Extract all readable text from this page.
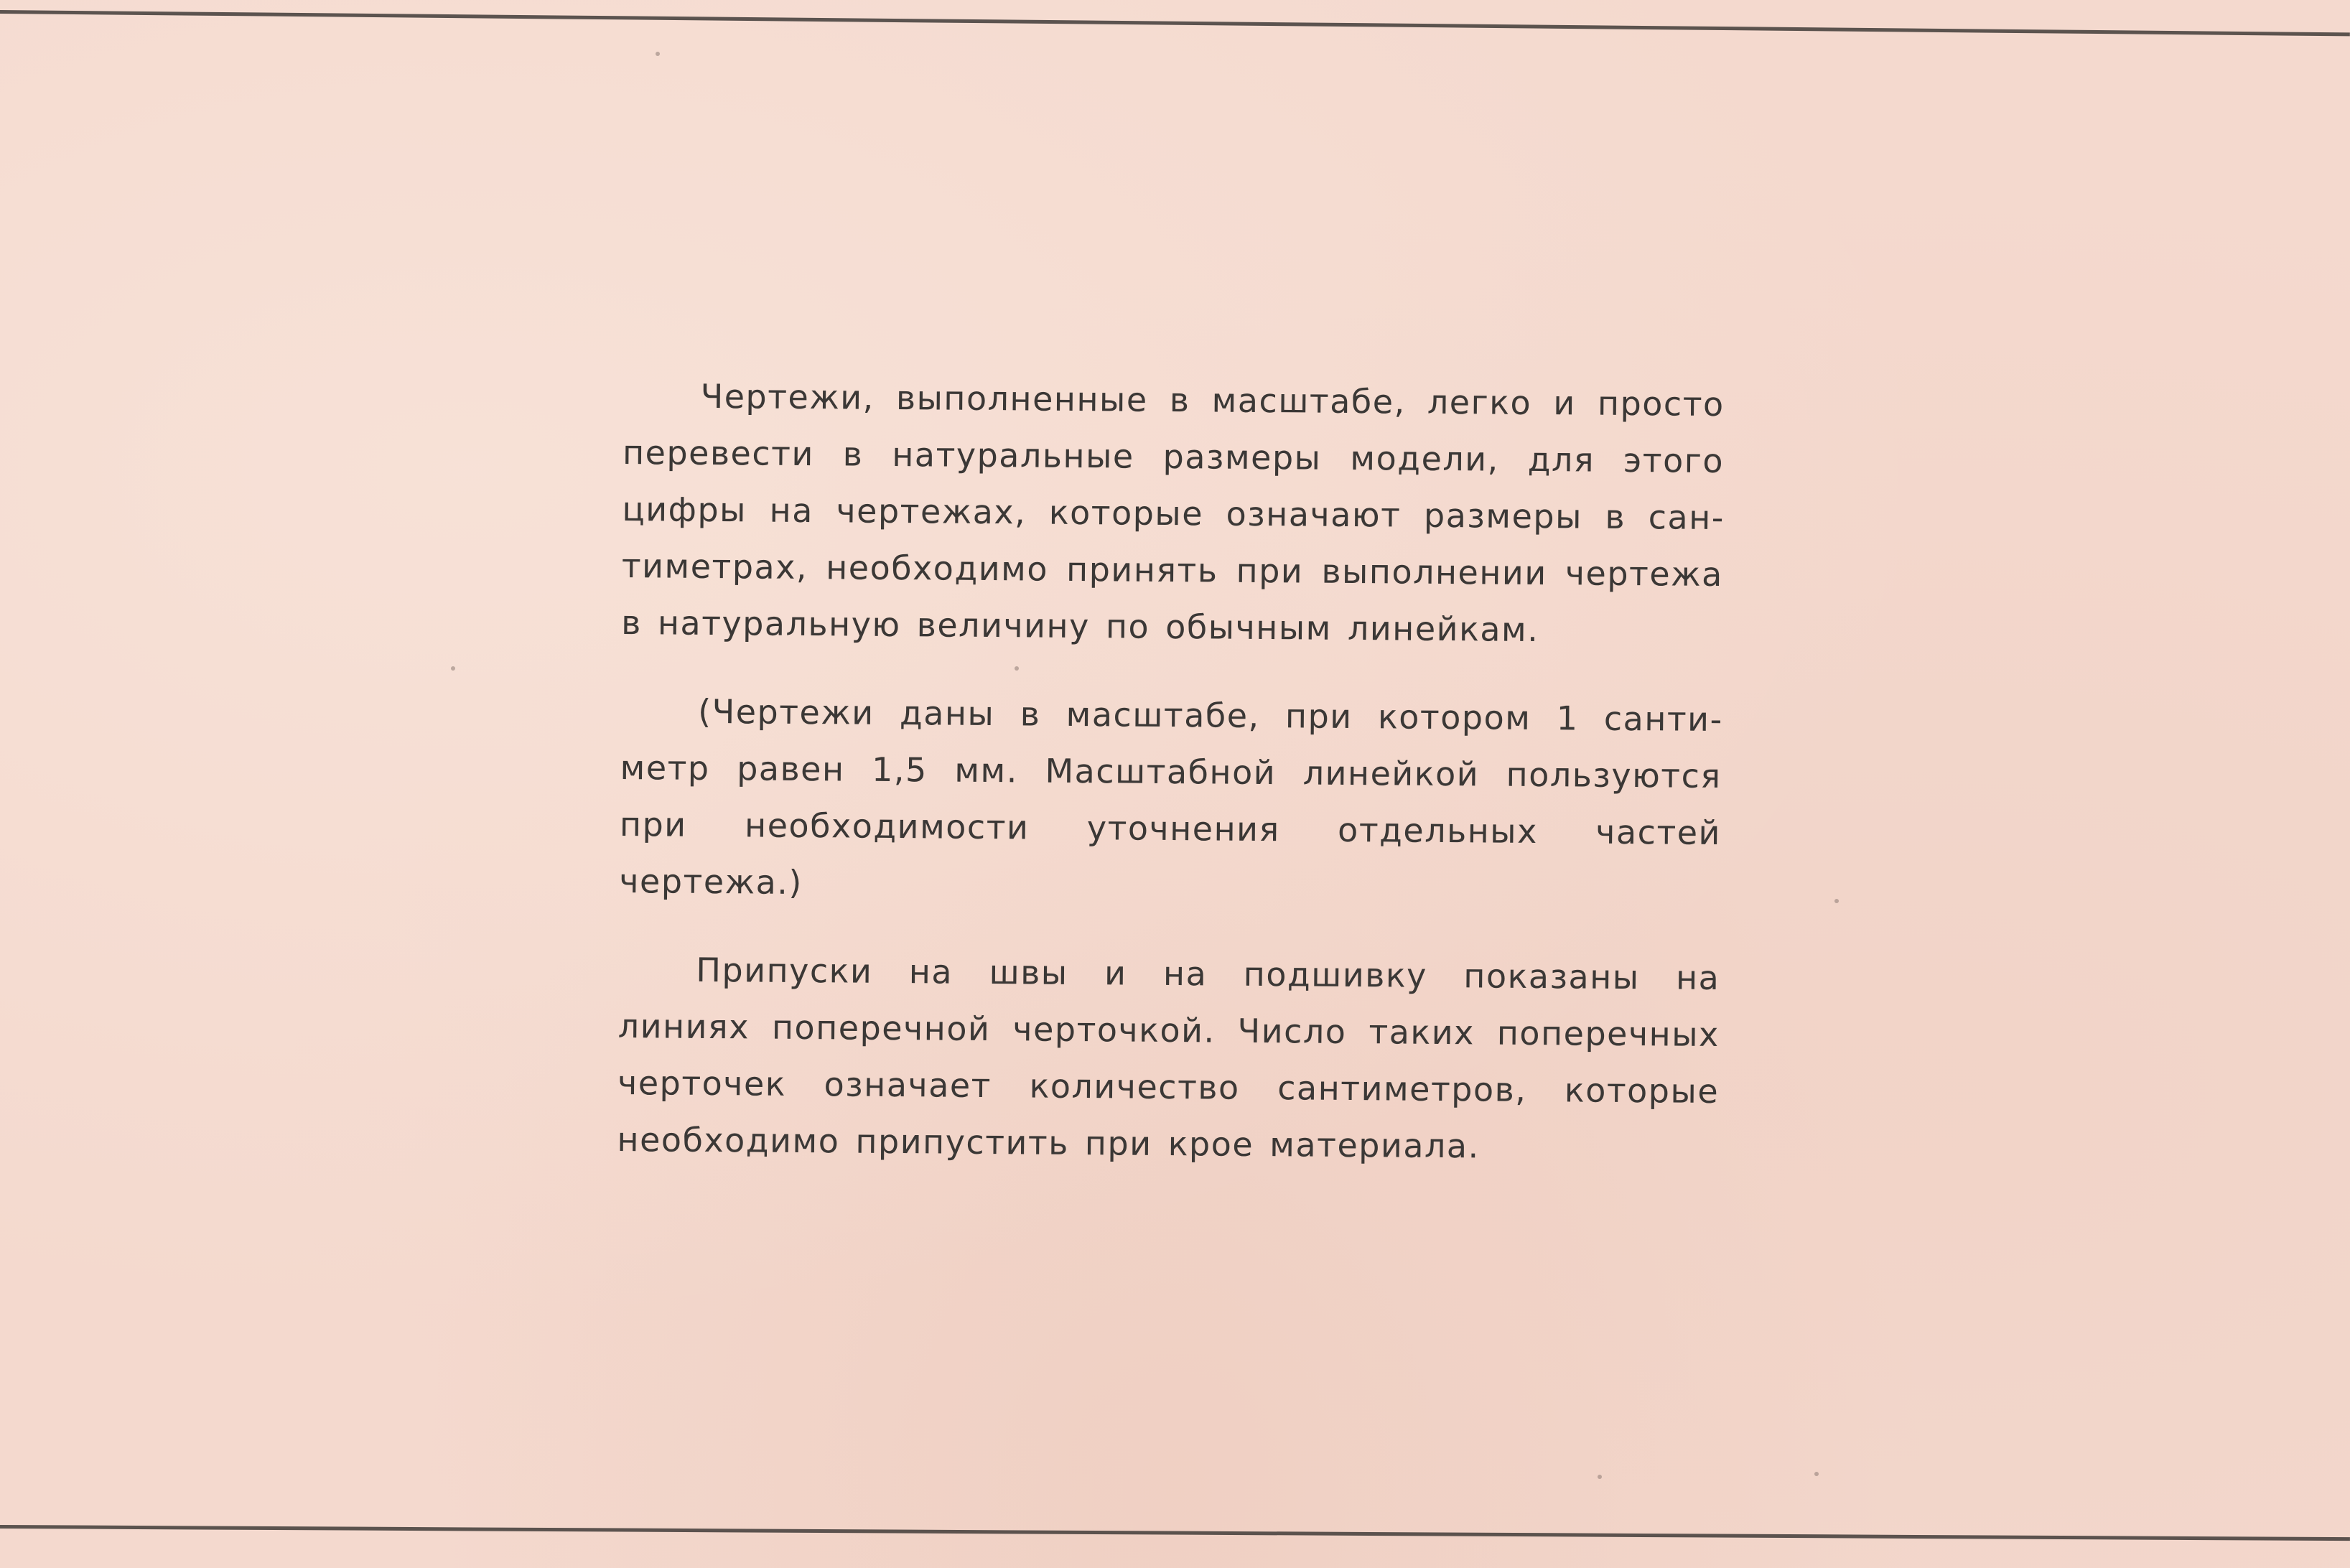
Чертежи, выполненные в масштабе, легко и просто перевести в натуральные размеры модели, для этого цифры на чертежах, которые означают размеры в сантиметрах, необходимо принять при выполнении чертежа в натуральную величину по обычным линейкам.

(Чертежи даны в масштабе, при котором 1 сантиметр равен 1,5 мм. Масштабной линейкой пользуются при необходимости уточнения отдельных частей чертежа.)

Припуски на швы и на подшивку показаны на линиях поперечной черточкой. Число таких поперечных черточек означает количество сантиметров, которые необходимо припустить при крое материала.
